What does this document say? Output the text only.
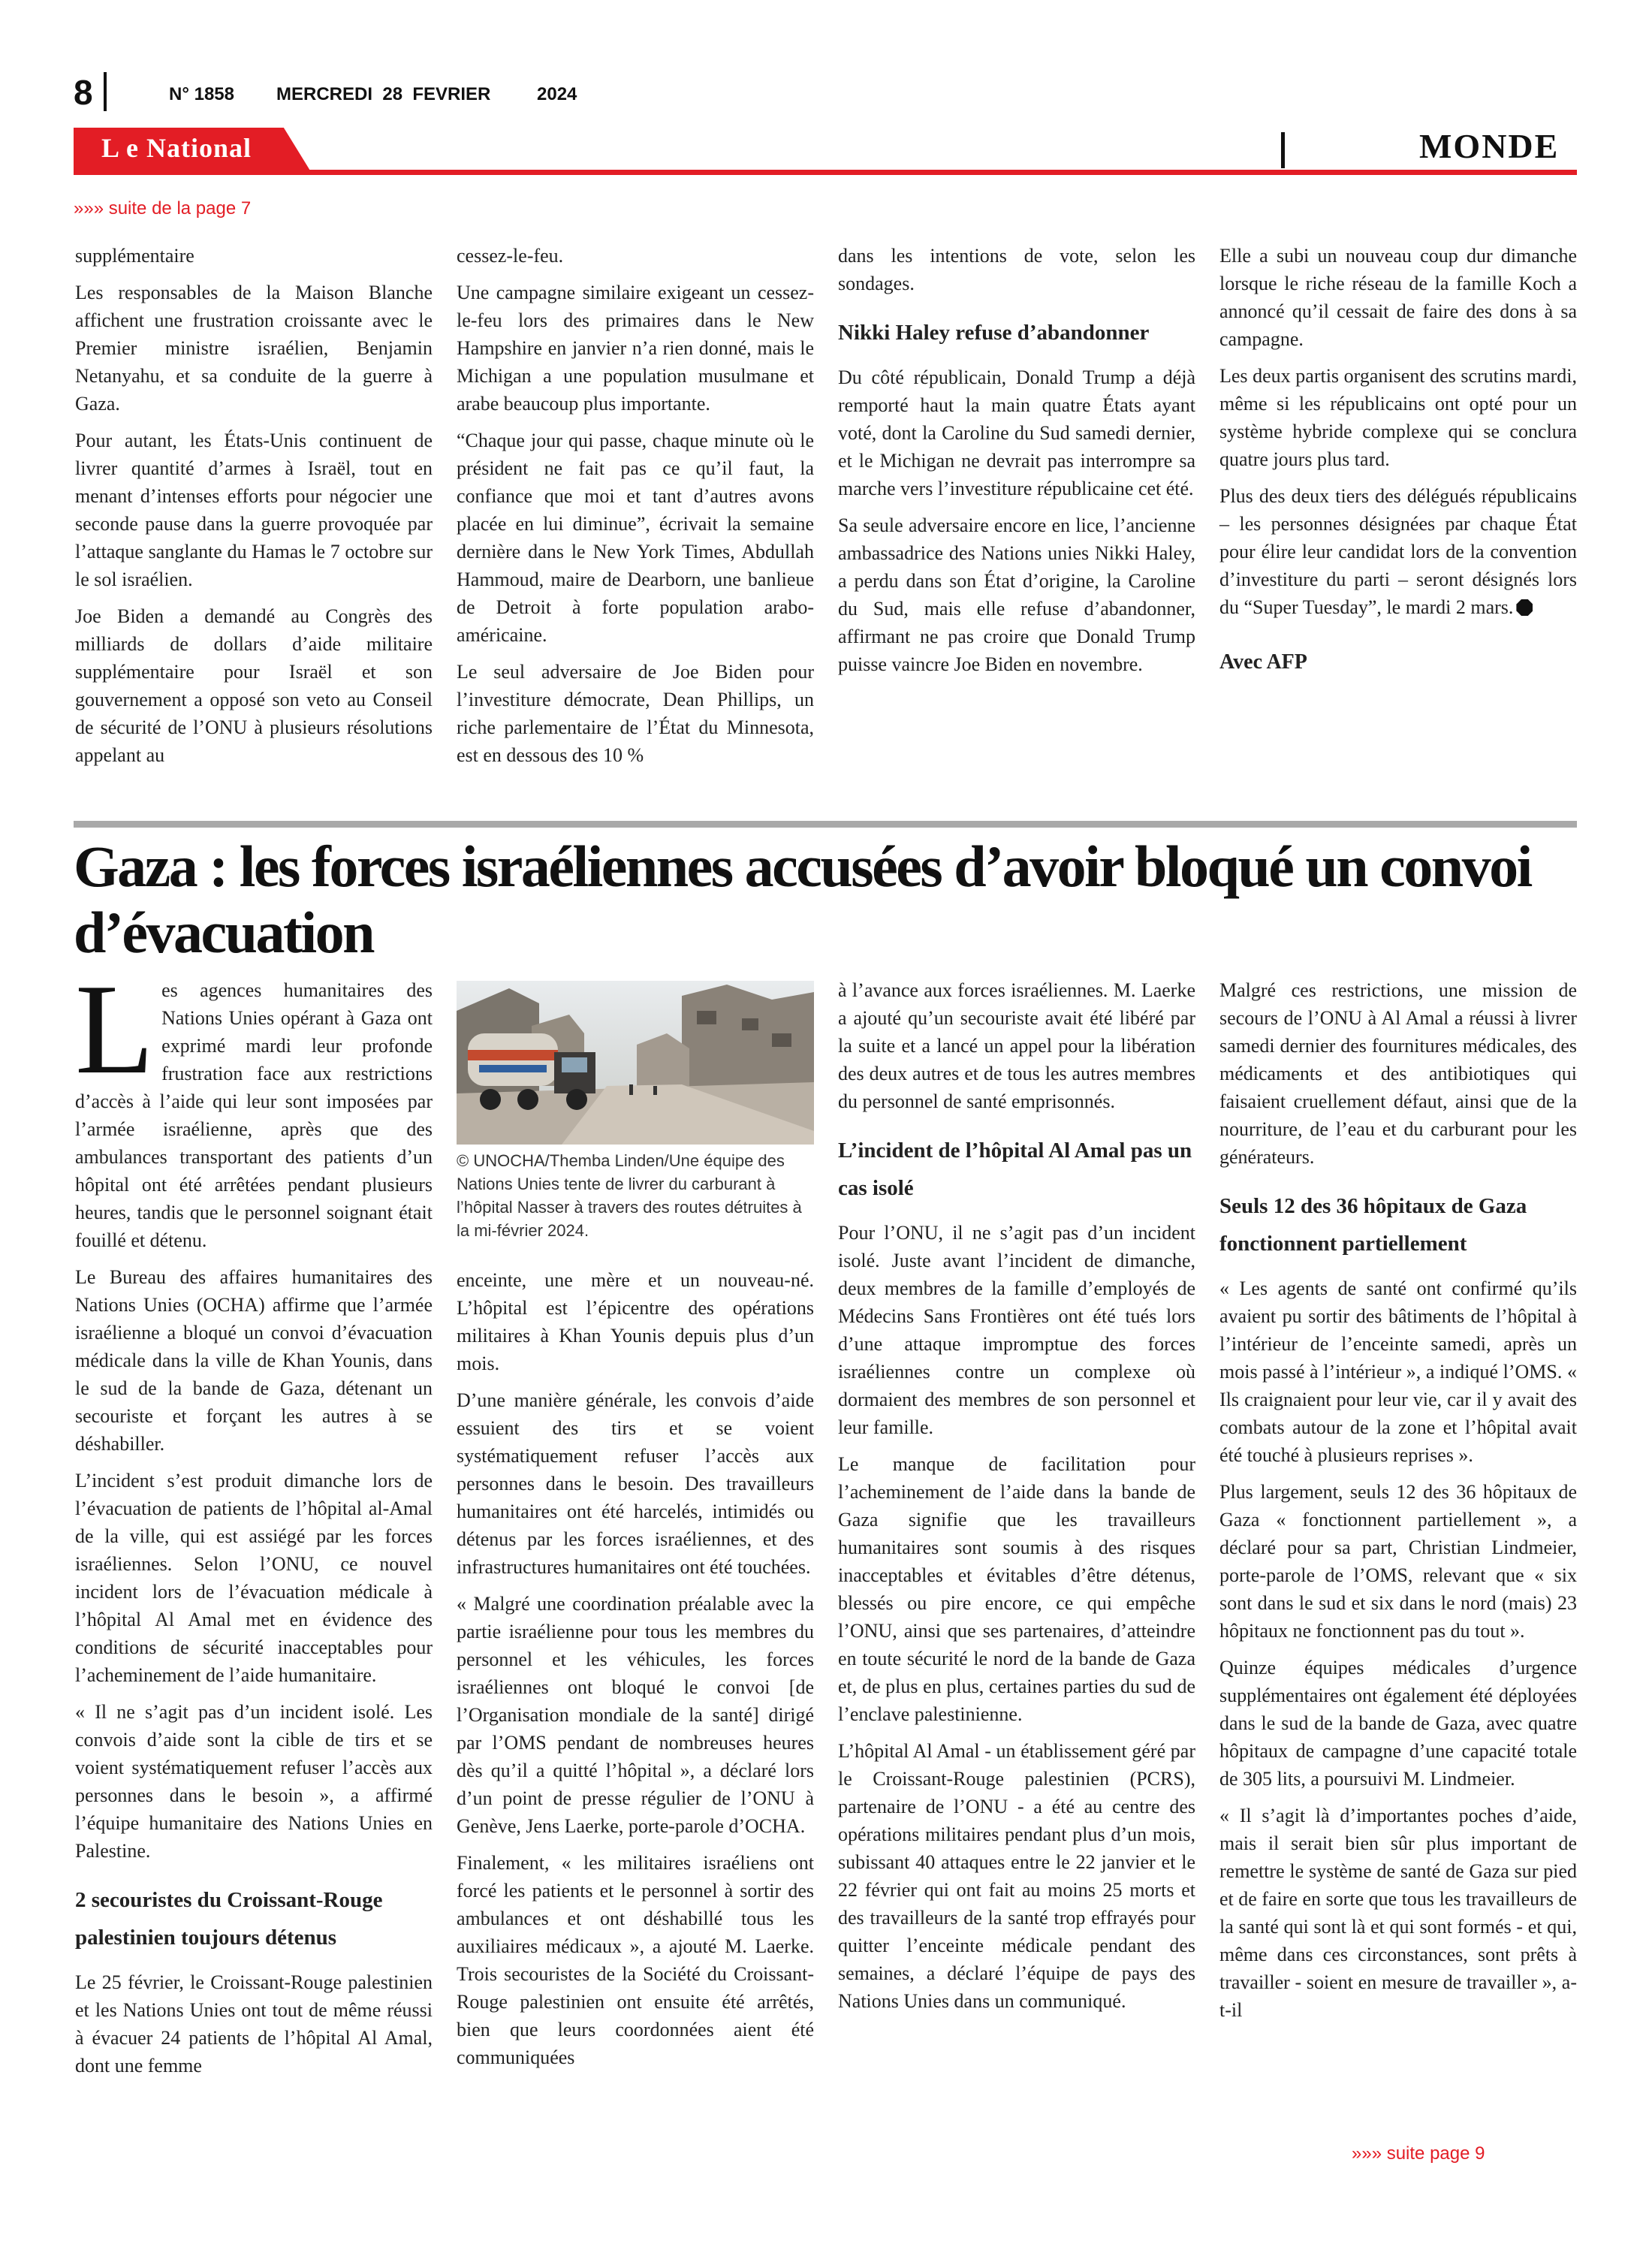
8	N° 1858 MERCREDI  28  FEVRIER	2024
L e National	MONDE
»»» suite de la page 7

supplémentaire

Les responsables de la Maison Blanche affichent une frustration croissante avec le Premier ministre israélien, Benjamin Netanyahu, et sa conduite de la guerre à Gaza.

Pour autant, les États-Unis continuent de livrer quantité d’armes à Israël, tout en menant d’intenses efforts pour négocier une seconde pause dans la guerre provoquée par l’attaque sanglante du Hamas le 7 octobre sur le sol israélien.

Joe Biden a demandé au Congrès des milliards de dollars d’aide militaire supplémentaire pour Israël et son gouvernement a opposé son veto au Conseil de sécurité de l’ONU à plusieurs résolutions appelant au

cessez-le-feu.

Une campagne similaire exigeant un cessez-le-feu lors des primaires dans le New Hampshire en janvier n’a rien donné, mais le Michigan a une population musulmane et arabe beaucoup plus importante.

“Chaque jour qui passe, chaque minute où le président ne fait pas ce qu’il faut, la confiance que moi et tant d’autres avons placée en lui diminue”, écrivait la semaine dernière dans le New York Times, Abdullah Hammoud, maire de Dearborn, une banlieue de Detroit à forte population arabo-américaine.

Le seul adversaire de Joe Biden pour l’investiture démocrate, Dean Phillips, un riche parlementaire de l’État du Minnesota, est en dessous des 10 %

dans les intentions de vote, selon les sondages.

Nikki Haley refuse d’abandonner

Du côté républicain, Donald Trump a déjà remporté haut la main quatre États ayant voté, dont la Caroline du Sud samedi dernier, et le Michigan ne devrait pas interrompre sa marche vers l’investiture républicaine cet été.

Sa seule adversaire encore en lice, l’ancienne ambassadrice des Nations unies Nikki Haley, a perdu dans son État d’origine, la Caroline du Sud, mais elle refuse d’abandonner, affirmant ne pas croire que Donald Trump puisse vaincre Joe Biden en novembre.

Elle a subi un nouveau coup dur dimanche lorsque le riche réseau de la famille Koch a annoncé qu’il cessait de faire des dons à sa campagne.

Les deux partis organisent des scrutins mardi, même si les républicains ont opté pour un système hybride complexe qui se conclura quatre jours plus tard.

Plus des deux tiers des délégués républicains – les personnes désignées par chaque État pour élire leur candidat lors de la convention d’investiture du parti – seront désignés lors du “Super Tuesday”, le mardi 2 mars.

Avec AFP

Gaza : les forces israéliennes accusées d’avoir bloqué un convoi d’évacuation

Les agences humanitaires des Nations Unies opérant à Gaza ont exprimé mardi leur profonde frustration face aux restrictions d’accès à l’aide qui leur sont imposées par l’armée israélienne, après que des ambulances transportant des patients d’un hôpital ont été arrêtées pendant plusieurs heures, tandis que le personnel soignant était fouillé et détenu.

Le Bureau des affaires humanitaires des Nations Unies (OCHA) affirme que l’armée israélienne a bloqué un convoi d’évacuation médicale dans la ville de Khan Younis, dans le sud de la bande de Gaza, détenant un secouriste et forçant les autres à se déshabiller.

L’incident s’est produit dimanche lors de l’évacuation de patients de l’hôpital al-Amal de la ville, qui est assiégé par les forces israéliennes. Selon l’ONU, ce nouvel incident lors de l’évacuation médicale à l’hôpital Al Amal met en évidence des conditions de sécurité inacceptables pour l’acheminement de l’aide humanitaire.

« Il ne s’agit pas d’un incident isolé. Les convois d’aide sont la cible de tirs et se voient systématiquement refuser l’accès aux personnes dans le besoin », a affirmé l’équipe humanitaire des Nations Unies en Palestine.

2 secouristes du Croissant-Rouge palestinien toujours détenus

Le 25 février, le Croissant-Rouge palestinien et les Nations Unies ont tout de même réussi à évacuer 24 patients de l’hôpital Al Amal, dont une femme

© UNOCHA/Themba Linden/Une équipe des Nations Unies tente de livrer du carburant à l’hôpital Nasser à travers des routes détruites à la mi-février 2024.

enceinte, une mère et un nouveau-né. L’hôpital est l’épicentre des opérations militaires à Khan Younis depuis plus d’un mois.

D’une manière générale, les convois d’aide essuient des tirs et se voient systématiquement refuser l’accès aux personnes dans le besoin. Des travailleurs humanitaires ont été harcelés, intimidés ou détenus par les forces israéliennes, et des infrastructures humanitaires ont été touchées.

« Malgré une coordination préalable avec la partie israélienne pour tous les membres du personnel et les véhicules, les forces israéliennes ont bloqué le convoi [de l’Organisation mondiale de la santé] dirigé par l’OMS pendant de nombreuses heures dès qu’il a quitté l’hôpital », a déclaré lors d’un point de presse régulier de l’ONU à Genève, Jens Laerke, porte-parole d’OCHA.

Finalement, « les militaires israéliens ont forcé les patients et le personnel à sortir des ambulances et ont déshabillé tous les auxiliaires médicaux », a ajouté M. Laerke. Trois secouristes de la Société du Croissant-Rouge palestinien ont ensuite été arrêtés, bien que leurs coordonnées aient été communiquées

à l’avance aux forces israéliennes. M. Laerke a ajouté qu’un secouriste avait été libéré par la suite et a lancé un appel pour la libération des deux autres et de tous les autres membres du personnel de santé emprisonnés.

L’incident de l’hôpital Al Amal pas un cas isolé

Pour l’ONU, il ne s’agit pas d’un incident isolé. Juste avant l’incident de dimanche, deux membres de la famille d’employés de Médecins Sans Frontières ont été tués lors d’une attaque impromptue des forces israéliennes contre un complexe où dormaient des membres de son personnel et leur famille.

Le manque de facilitation pour l’acheminement de l’aide dans la bande de Gaza signifie que les travailleurs humanitaires sont soumis à des risques inacceptables et évitables d’être détenus, blessés ou pire encore, ce qui empêche l’ONU, ainsi que ses partenaires, d’atteindre en toute sécurité le nord de la bande de Gaza et, de plus en plus, certaines parties du sud de l’enclave palestinienne.

L’hôpital Al Amal - un établissement géré par le Croissant-Rouge palestinien (PCRS), partenaire de l’ONU - a été au centre des opérations militaires pendant plus d’un mois, subissant 40 attaques entre le 22 janvier et le 22 février qui ont fait au moins 25 morts et des travailleurs de la santé trop effrayés pour quitter l’enceinte médicale pendant des semaines, a déclaré l’équipe de pays des Nations Unies dans un communiqué.

Malgré ces restrictions, une mission de secours de l’ONU à Al Amal a réussi à livrer samedi dernier des fournitures médicales, des médicaments et des antibiotiques qui faisaient cruellement défaut, ainsi que de la nourriture, de l’eau et du carburant pour les générateurs.

Seuls 12 des 36 hôpitaux de Gaza fonctionnent partiellement

« Les agents de santé ont confirmé qu’ils avaient pu sortir des bâtiments de l’hôpital à l’intérieur de l’enceinte samedi, après un mois passé à l’intérieur », a indiqué l’OMS. « Ils craignaient pour leur vie, car il y avait des combats autour de la zone et l’hôpital avait été touché à plusieurs reprises ».

Plus largement, seuls 12 des 36 hôpitaux de Gaza « fonctionnent partiellement », a déclaré pour sa part, Christian Lindmeier, porte-parole de l’OMS, relevant que « six sont dans le sud et six dans le nord (mais) 23 hôpitaux ne fonctionnent pas du tout ».

Quinze équipes médicales d’urgence supplémentaires ont également été déployées dans le sud de la bande de Gaza, avec quatre hôpitaux de campagne d’une capacité totale de 305 lits, a poursuivi M. Lindmeier.

« Il s’agit là d’importantes poches d’aide, mais il serait bien sûr plus important de remettre le système de santé de Gaza sur pied et de faire en sorte que tous les travailleurs de la santé qui sont là et qui sont formés - et qui, même dans ces circonstances, sont prêts à travailler - soient en mesure de travailler », a-t-il

»»» suite page 9
